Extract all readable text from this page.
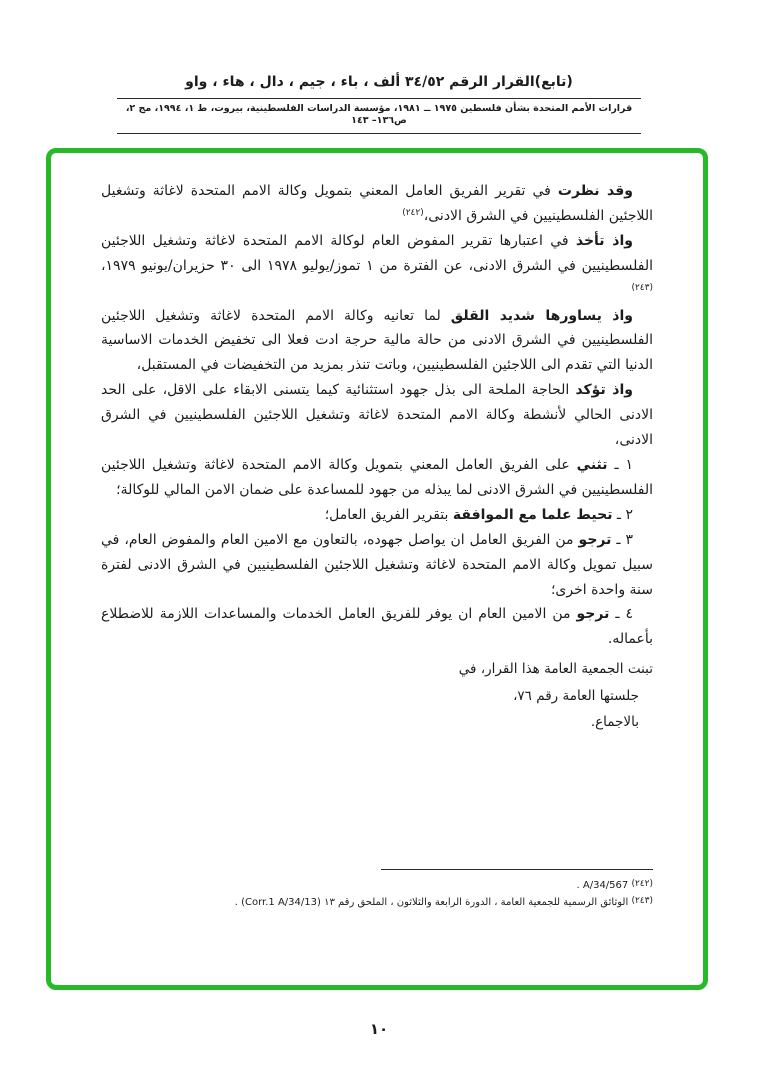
(تابع)القرار الرقم ٣٤/٥٢ ألف ، باء ، جيم ، دال ، هاء ، واو
قرارات الأمم المتحدة بشأن فلسطين ١٩٧٥ ــ ١٩٨١، مؤسسة الدراسات الفلسطينية، بيروت، ط ١، ١٩٩٤، مج ٢، ص١٣٦– ١٤٣

وقد نظرت في تقرير الفريق العامل المعني بتمويل وكالة الامم المتحدة لاغاثة وتشغيل اللاجئين الفلسطينيين في الشرق الادنى،$^{(٢٤٢)}$

واذ تأخذ في اعتبارها تقرير المفوض العام لوكالة الامم المتحدة لاغاثة وتشغيل اللاجئين الفلسطينيين في الشرق الادنى، عن الفترة من ١ تموز/يوليو ١٩٧٨ الى ٣٠ حزيران/يونيو ١٩٧٩،$^{(٢٤٣)}$

واذ يساورها شديد القلق لما تعانيه وكالة الامم المتحدة لاغاثة وتشغيل اللاجئين الفلسطينيين في الشرق الادنى من حالة مالية حرجة ادت فعلا الى تخفيض الخدمات الاساسية الدنيا التي تقدم الى اللاجئين الفلسطينيين، وباتت تنذر بمزيد من التخفيضات في المستقبل،

واذ تؤكد الحاجة الملحة الى بذل جهود استثنائية كيما يتسنى الابقاء على الاقل، على الحد الادنى الحالي لأنشطة وكالة الامم المتحدة لاغاثة وتشغيل اللاجئين الفلسطينيين في الشرق الادنى،

١ ـ تثني على الفريق العامل المعني بتمويل وكالة الامم المتحدة لاغاثة وتشغيل اللاجئين الفلسطينيين في الشرق الادنى لما يبذله من جهود للمساعدة على ضمان الامن المالي للوكالة؛

٢ ـ تحيط علما مع الموافقة بتقرير الفريق العامل؛

٣ ـ ترجو من الفريق العامل ان يواصل جهوده، بالتعاون مع الامين العام والمفوض العام، في سبيل تمويل وكالة الامم المتحدة لاغاثة وتشغيل اللاجئين الفلسطينيين في الشرق الادنى لفترة سنة واحدة اخرى؛

٤ ـ ترجو من الامين العام ان يوفر للفريق العامل الخدمات والمساعدات اللازمة للاضطلاع بأعماله.

تبنت الجمعية العامة هذا القرار، في
جلستها العامة رقم ٧٦،
بالاجماع.
(٢٤٢) A/34/567 .
(٢٤٣) الوثائق الرسمية للجمعية العامة ، الدورة الرابعة والثلاثون ، الملحق رقم ١٣ (Corr.1 A/34/13) .
١٠
